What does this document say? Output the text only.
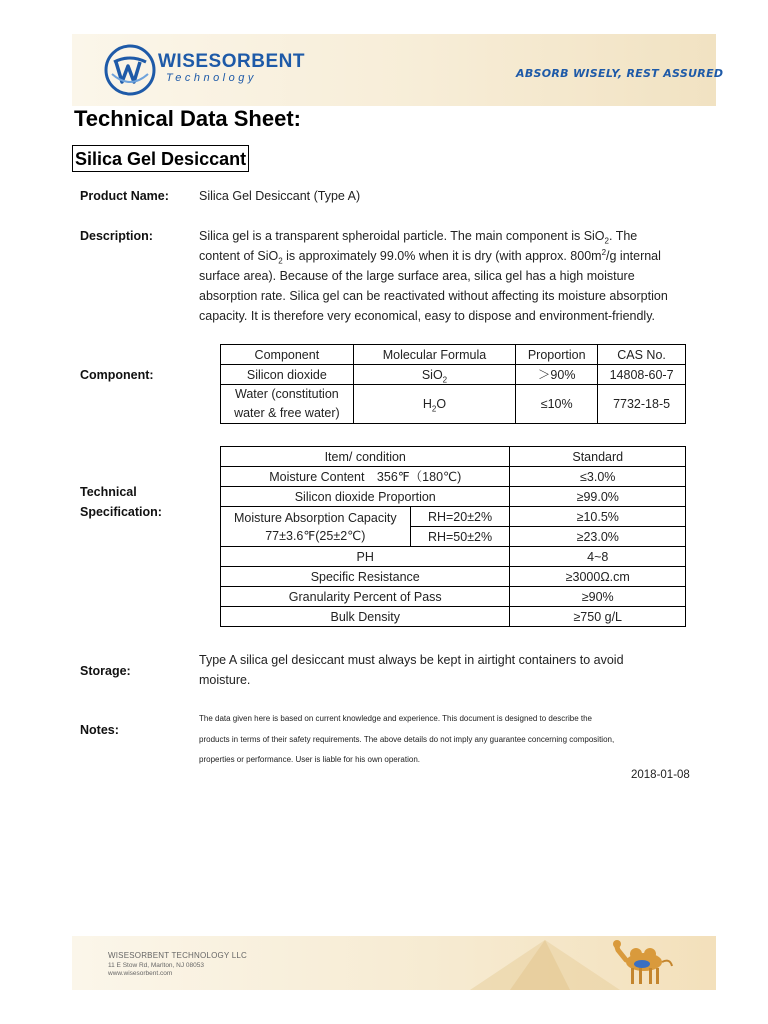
WISESORBENT
Technology	ABSORB WISELY, REST ASSURED
Technical Data Sheet:
Silica Gel Desiccant
Product Name: Silica Gel Desiccant (Type A)
Description:	Silica gel is a transparent spheroidal particle. The main component is SiO$_2$. The
content of SiO$_2$ is approximately 99.0% when it is dry (with approx. $800m^2/g$ internal
surface area). Because of the large surface area, silica gel has a high moisture
absorption rate. Silica gel can be reactivated without affecting its moisture absorption
capacity. It is therefore very economical, easy to dispose and environment-friendly.
Component:
Component	Molecular Formula	Proportion	CAS No.
Silicon dioxide	SiO$_2$	＞90%	14808-60-7
Water (constitution
water & free water)	$H_2O$	≤10%	7732-18-5
Technical
Specification:
Item/ condition		Standard
Moisture Content　356℉（180℃)		≤3.0%
Silicon dioxide Proportion		≥99.0%
Moisture Absorption Capacity
77±3.6℉(25±2℃)	RH=20±2%	≥10.5%
	RH=50±2%	≥23.0%
PH		4~8
Specific Resistance		≥3000Ω.cm
Granularity Percent of Pass		≥90%
Bulk Density		≥750 g/L
Storage:
Type A silica gel desiccant must always be kept in airtight containers to avoid
moisture.
Notes:
The data given here is based on current knowledge and experience. This document is designed to describe the
products in terms of their safety requirements. The above details do not imply any guarantee concerning composition,
properties or performance. User is liable for his own operation.
2018-01-08
WISESORBENT TECHNOLOGY LLC
11 E Stow Rd, Marlton, NJ 08053
www.wisesorbent.com
